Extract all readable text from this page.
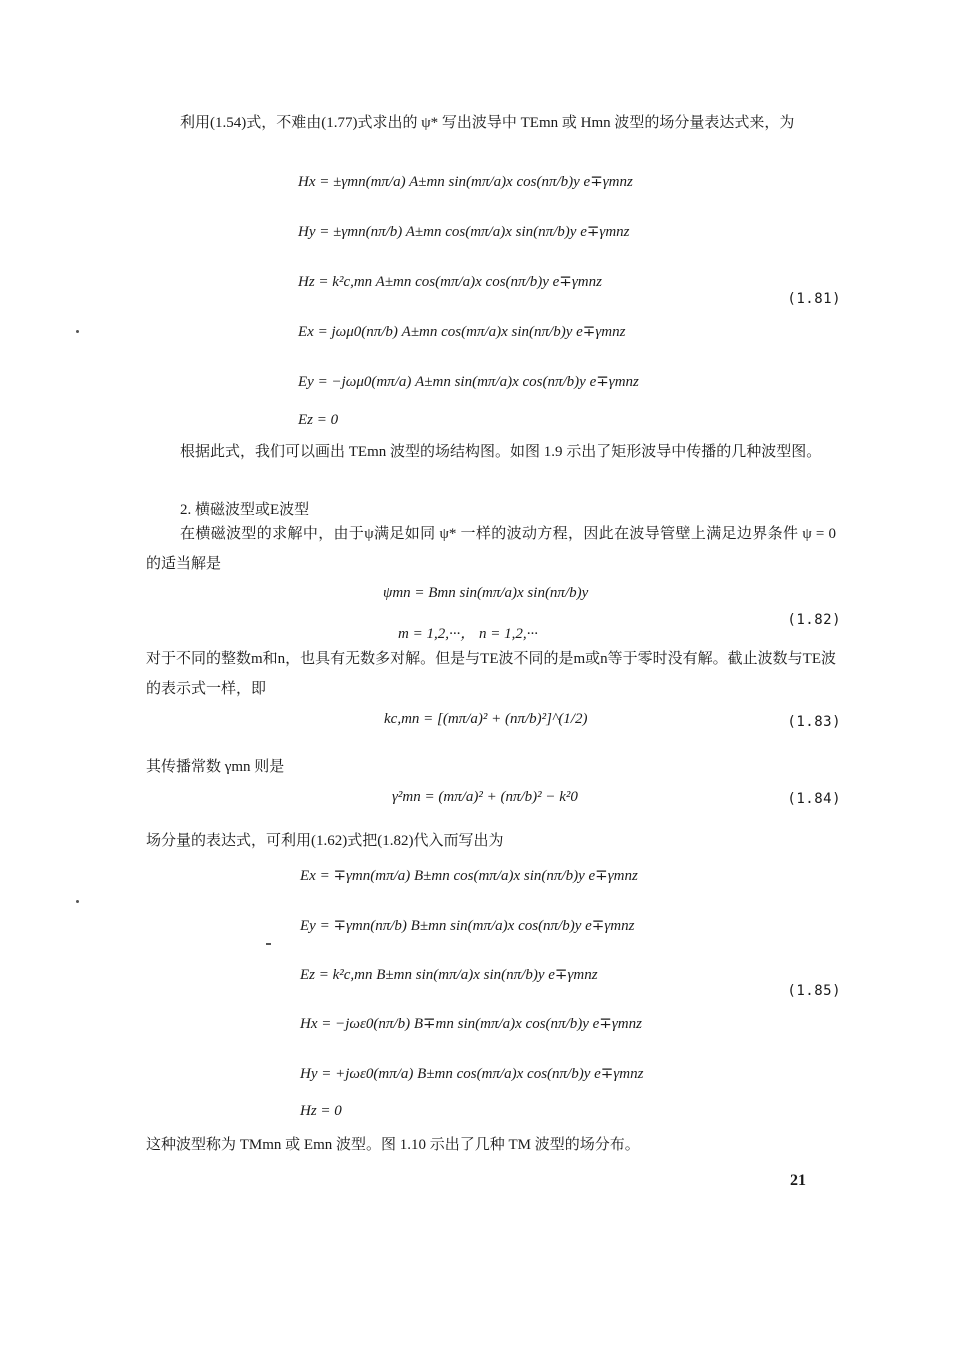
利用(1.54)式，不难由(1.77)式求出的 ψ* 写出波导中 TEmn 或 Hmn 波型的场分量表达式来，为
Hx = ±γmn(mπ/a) A±mn sin(mπ/a)x cos(nπ/b)y e∓γmnz
Hy = ±γmn(nπ/b) A±mn cos(mπ/a)x sin(nπ/b)y e∓γmnz
Hz = k²c,mn A±mn cos(mπ/a)x cos(nπ/b)y e∓γmnz
Ex = jωμ0(nπ/b) A±mn cos(mπ/a)x sin(nπ/b)y e∓γmnz
Ey = −jωμ0(mπ/a) A±mn sin(mπ/a)x cos(nπ/b)y e∓γmnz
Ez = 0
(1.81)
根据此式，我们可以画出 TEmn 波型的场结构图。如图 1.9 示出了矩形波导中传播的几种波型图。
2. 横磁波型或E波型
在横磁波型的求解中，由于ψ满足如同 ψ* 一样的波动方程，因此在波导管壁上满足边界条件 ψ = 0 的适当解是
ψmn = Bmn sin(mπ/a)x sin(nπ/b)y
m = 1,2,···， n = 1,2,···
(1.82)
对于不同的整数m和n，也具有无数多对解。但是与TE波不同的是m或n等于零时没有解。截止波数与TE波的表示式一样，即
kc,mn = [(mπ/a)² + (nπ/b)²]^(1/2)	(1.83)
其传播常数 γmn 则是
γ²mn = (mπ/a)² + (nπ/b)² − k²0	(1.84)
场分量的表达式，可利用(1.62)式把(1.82)代入而写出为
Ex = ∓γmn(mπ/a) B±mn cos(mπ/a)x sin(nπ/b)y e∓γmnz
Ey = ∓γmn(nπ/b) B±mn sin(mπ/a)x cos(nπ/b)y e∓γmnz
Ez = k²c,mn B±mn sin(mπ/a)x sin(nπ/b)y e∓γmnz
Hx = −jωε0(nπ/b) B∓mn sin(mπ/a)x cos(nπ/b)y e∓γmnz
Hy = +jωε0(mπ/a) B±mn cos(mπ/a)x cos(nπ/b)y e∓γmnz
Hz = 0
(1.85)
这种波型称为 TMmn 或 Emn 波型。图 1.10 示出了几种 TM 波型的场分布。
21
